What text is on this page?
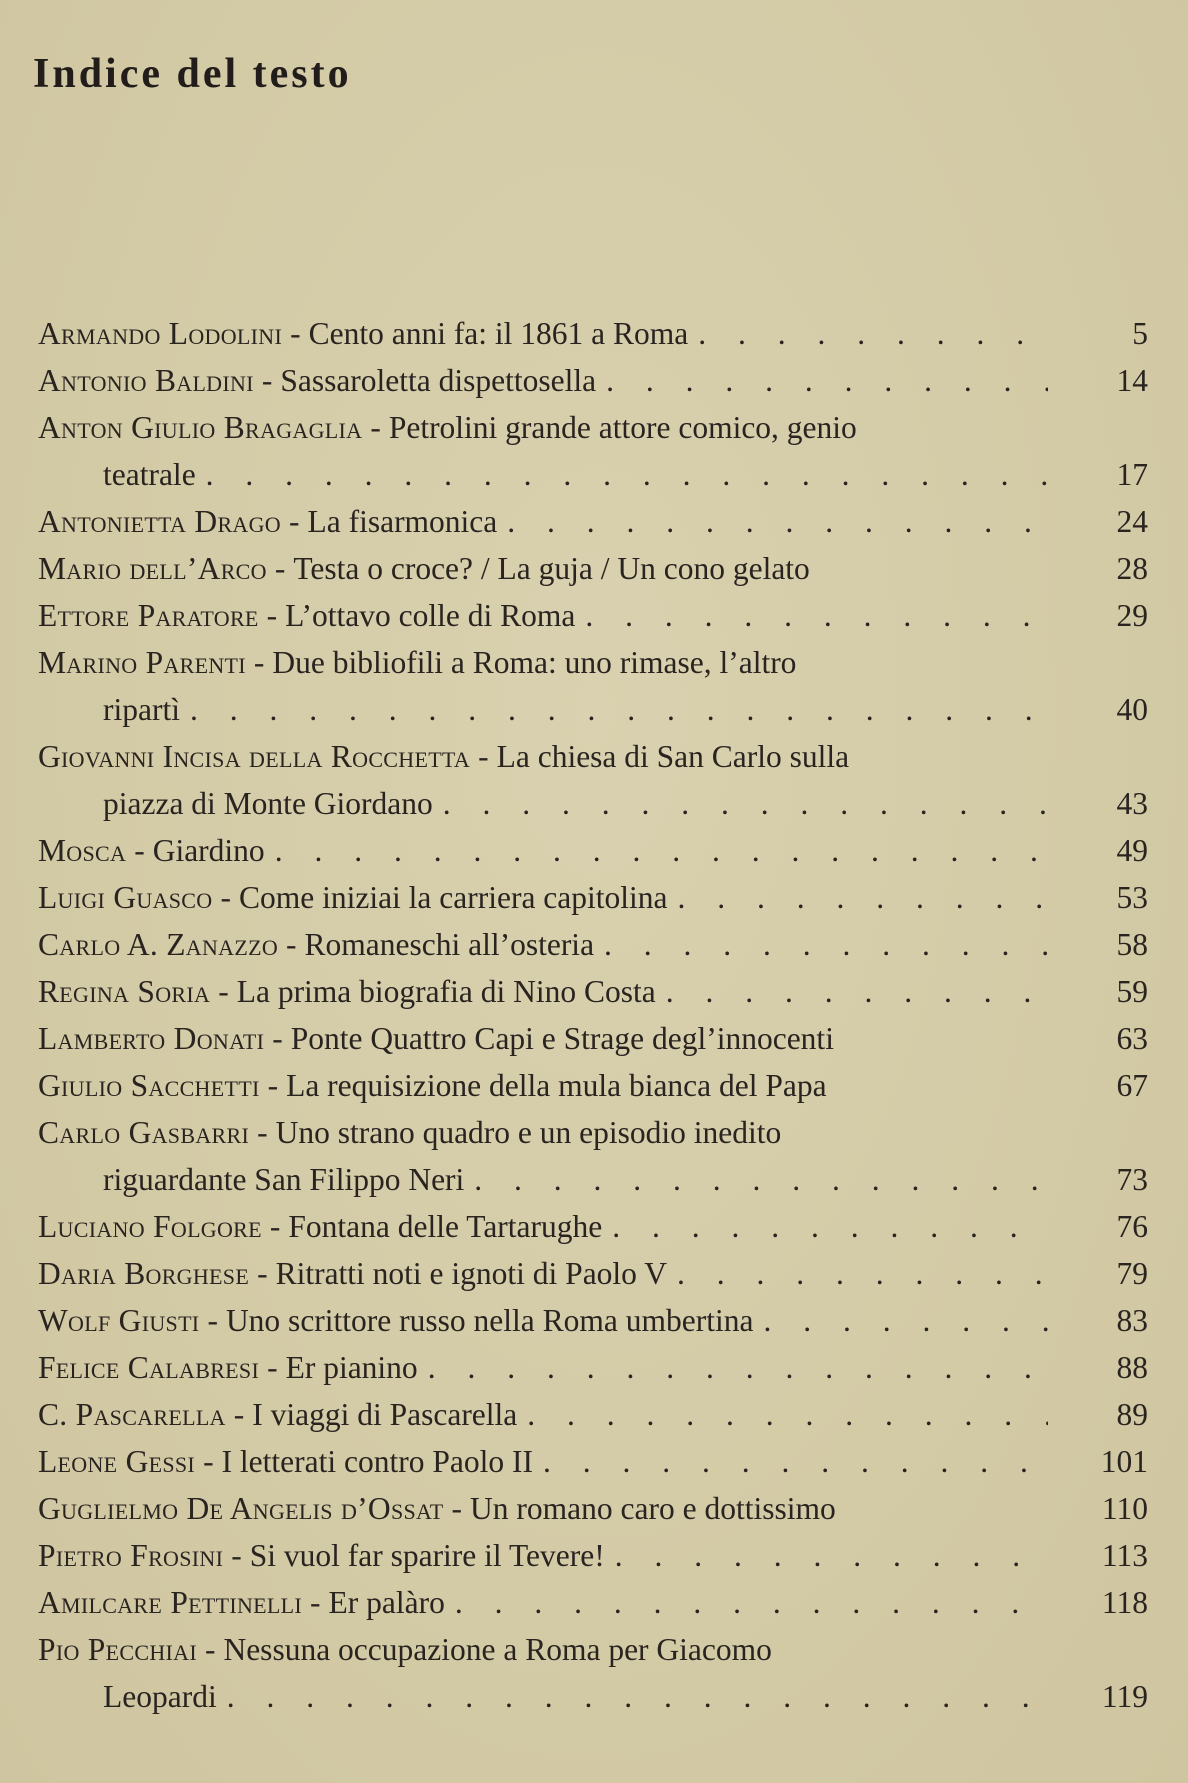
Indice del testo
Armando Lodolini - Cento anni fa: il 1861 a Roma . . .	5
Antonio Baldini - Sassaroletta dispettosella . . .	14
Anton Giulio Bragaglia - Petrolini grande attore comico, genio
teatrale . . .	17
Antonietta Drago - La fisarmonica . . .	24
Mario dell’Arco - Testa o croce? / La guja / Un cono gelato	28
Ettore Paratore - L’ottavo colle di Roma . . .	29
Marino Parenti - Due bibliofili a Roma: uno rimase, l’altro
ripartì . . .	40
Giovanni Incisa della Rocchetta - La chiesa di San Carlo sulla
piazza di Monte Giordano . . .	43
Mosca - Giardino . . .	49
Luigi Guasco - Come iniziai la carriera capitolina . . .	53
Carlo A. Zanazzo - Romaneschi all’osteria . . .	58
Regina Soria - La prima biografia di Nino Costa . . .	59
Lamberto Donati - Ponte Quattro Capi e Strage degl’innocenti	63
Giulio Sacchetti - La requisizione della mula bianca del Papa	67
Carlo Gasbarri - Uno strano quadro e un episodio inedito
riguardante San Filippo Neri . . .	73
Luciano Folgore - Fontana delle Tartarughe . . .	76
Daria Borghese - Ritratti noti e ignoti di Paolo V . . .	79
Wolf Giusti - Uno scrittore russo nella Roma umbertina . . .	83
Felice Calabresi - Er pianino . . .	88
C. Pascarella - I viaggi di Pascarella . . .	89
Leone Gessi - I letterati contro Paolo II . . .	101
Guglielmo De Angelis d’Ossat - Un romano caro e dottissimo	110
Pietro Frosini - Si vuol far sparire il Tevere! . . .	113
Amilcare Pettinelli - Er palàro . . .	118
Pio Pecchiai - Nessuna occupazione a Roma per Giacomo
Leopardi . . .	119
